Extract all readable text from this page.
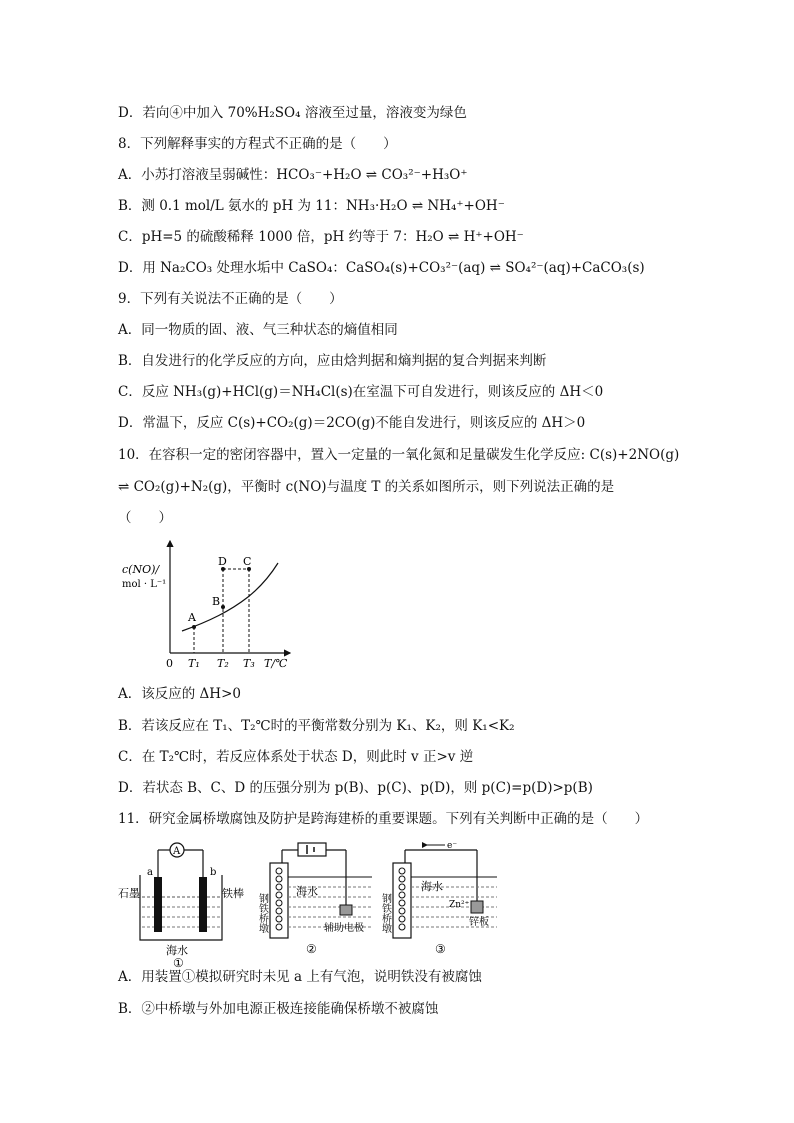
D．若向④中加入 70%H₂SO₄ 溶液至过量，溶液变为绿色
8．下列解释事实的方程式不正确的是（　　）
A．小苏打溶液呈弱碱性：HCO₃⁻+H₂O ⇌ CO₃²⁻+H₃O⁺
B．测 0.1 mol/L 氨水的 pH 为 11：NH₃·H₂O ⇌ NH₄⁺+OH⁻
C．pH=5 的硫酸稀释 1000 倍，pH 约等于 7：H₂O ⇌ H⁺+OH⁻
D．用 Na₂CO₃ 处理水垢中 CaSO₄：CaSO₄(s)+CO₃²⁻(aq) ⇌ SO₄²⁻(aq)+CaCO₃(s)
9．下列有关说法不正确的是（　　）
A．同一物质的固、液、气三种状态的熵值相同
B．自发进行的化学反应的方向，应由焓判据和熵判据的复合判据来判断
C．反应 NH₃(g)+HCl(g)＝NH₄Cl(s)在室温下可自发进行，则该反应的 ΔH＜0
D．常温下，反应 C(s)+CO₂(g)＝2CO(g)不能自发进行，则该反应的 ΔH＞0
10．在容积一定的密闭容器中，置入一定量的一氧化氮和足量碳发生化学反应: C(s)+2NO(g)
⇌ CO₂(g)+N₂(g)，平衡时 c(NO)与温度 T 的关系如图所示，则下列说法正确的是
（　　）
c(NO)/
mol · L⁻¹
0 T₁ T₂ T₃ T/℃
A
B
C
D
A．该反应的 ΔH>0
B．若该反应在 T₁、T₂℃时的平衡常数分别为 K₁、K₂，则 K₁<K₂
C．在 T₂℃时，若反应体系处于状态 D，则此时 v 正>v 逆
D．若状态 B、C、D 的压强分别为 p(B)、p(C)、p(D)，则 p(C)=p(D)>p(B)
11．研究金属桥墩腐蚀及防护是跨海建桥的重要课题。下列有关判断中正确的是（　　）
A
a	b
石墨	铁棒
海水
①
钢铁桥墩
海水
辅助电极
②
e⁻
钢铁桥墩
海水
Zn²⁺
锌板
③
A．用装置①模拟研究时未见 a 上有气泡，说明铁没有被腐蚀
B．②中桥墩与外加电源正极连接能确保桥墩不被腐蚀
